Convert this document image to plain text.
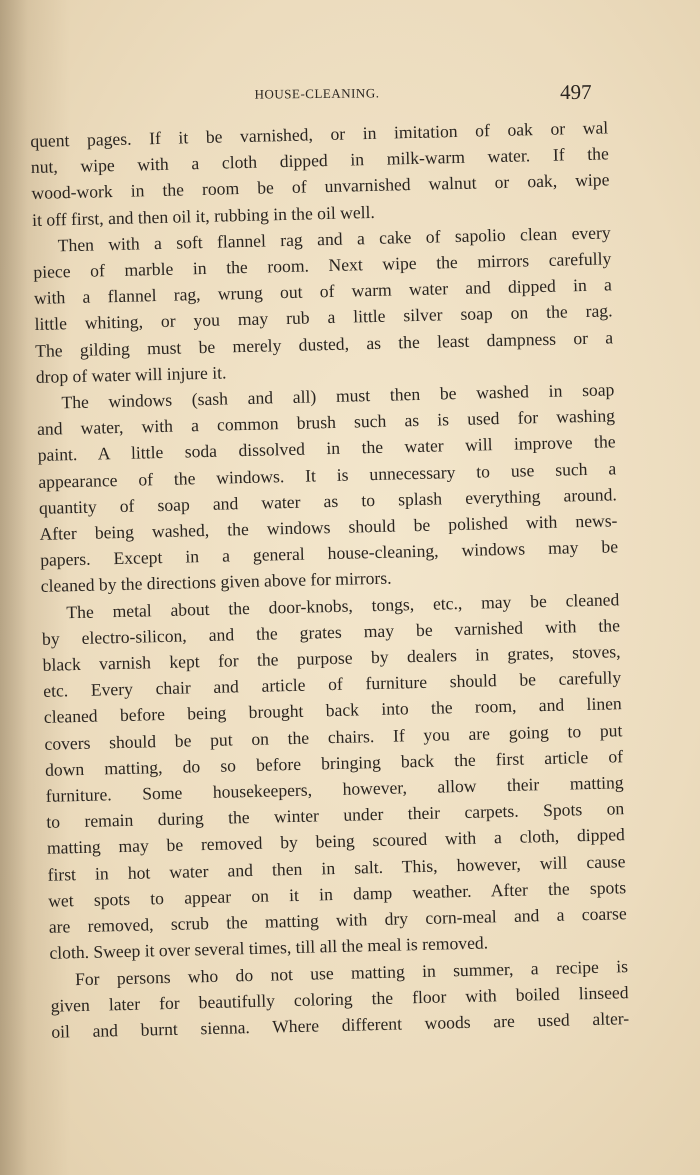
HOUSE-CLEANING.	497
quent pages. If it be varnished, or in imitation of oak or wal
nut, wipe with a cloth dipped in milk-warm water. If the
wood-work in the room be of unvarnished walnut or oak, wipe
it off first, and then oil it, rubbing in the oil well.
Then with a soft flannel rag and a cake of sapolio clean every
piece of marble in the room. Next wipe the mirrors carefully
with a flannel rag, wrung out of warm water and dipped in a
little whiting, or you may rub a little silver soap on the rag.
The gilding must be merely dusted, as the least dampness or a
drop of water will injure it.
The windows (sash and all) must then be washed in soap
and water, with a common brush such as is used for washing
paint. A little soda dissolved in the water will improve the
appearance of the windows. It is unnecessary to use such a
quantity of soap and water as to splash everything around.
After being washed, the windows should be polished with news-
papers. Except in a general house-cleaning, windows may be
cleaned by the directions given above for mirrors.
The metal about the door-knobs, tongs, etc., may be cleaned
by electro-silicon, and the grates may be varnished with the
black varnish kept for the purpose by dealers in grates, stoves,
etc. Every chair and article of furniture should be carefully
cleaned before being brought back into the room, and linen
covers should be put on the chairs. If you are going to put
down matting, do so before bringing back the first article of
furniture. Some housekeepers, however, allow their matting
to remain during the winter under their carpets. Spots on
matting may be removed by being scoured with a cloth, dipped
first in hot water and then in salt. This, however, will cause
wet spots to appear on it in damp weather. After the spots
are removed, scrub the matting with dry corn-meal and a coarse
cloth. Sweep it over several times, till all the meal is removed.
For persons who do not use matting in summer, a recipe is
given later for beautifully coloring the floor with boiled linseed
oil and burnt sienna. Where different woods are used alter-
